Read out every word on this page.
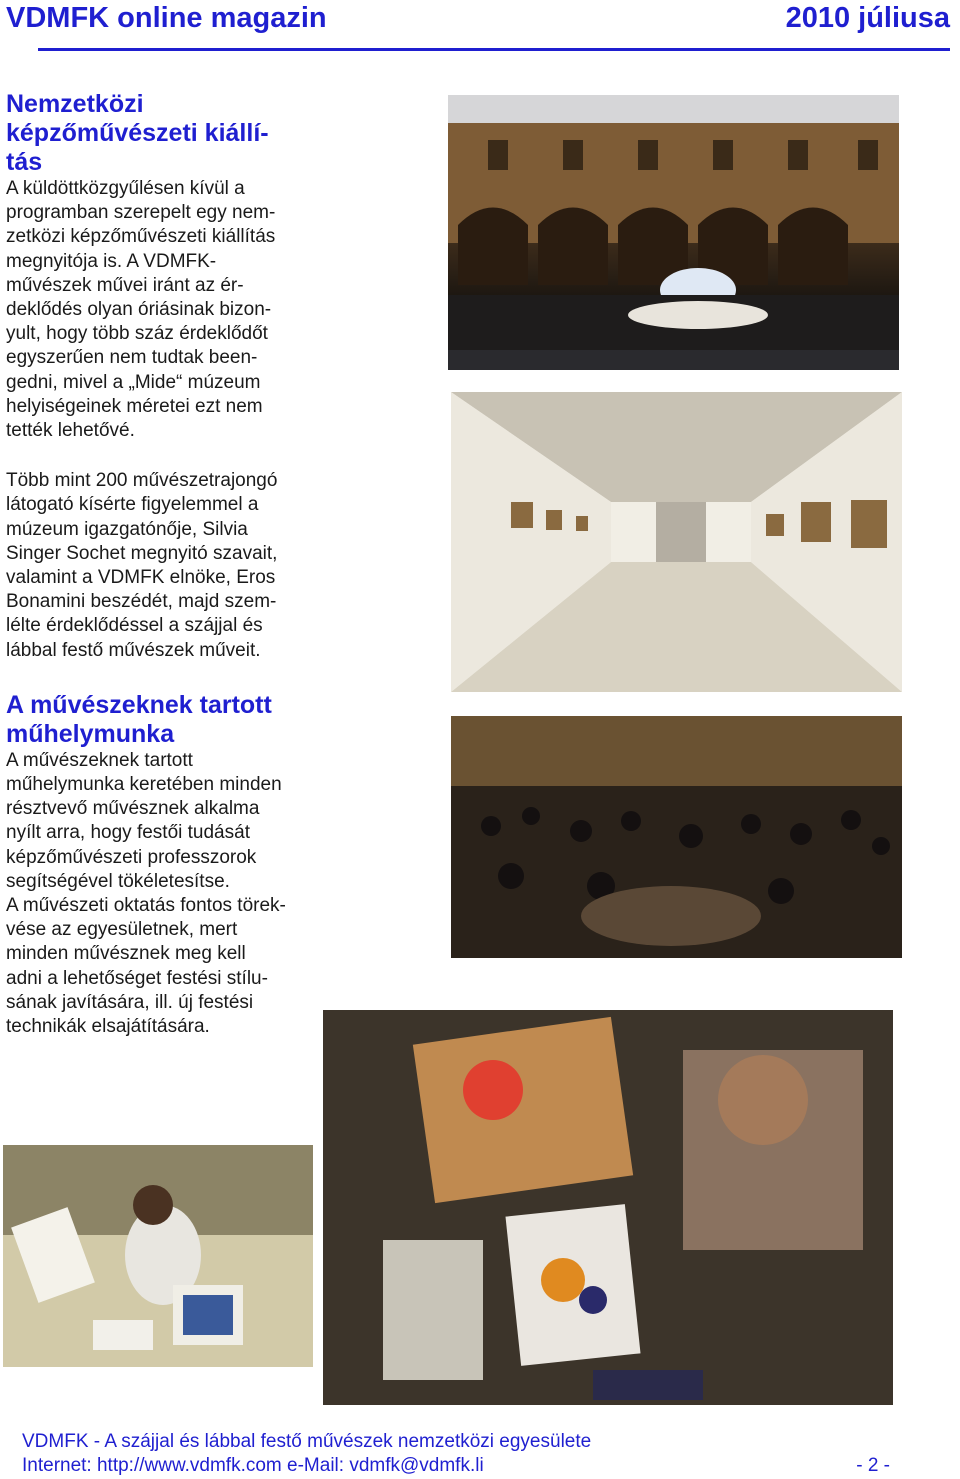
VDMFK online magazin	2010 júliusa
Nemzetközi
képzőművészeti kiállí-
tás

A küldöttközgyűlésen kívül a
programban szerepelt egy nem-
zetközi képzőművészeti kiállítás
megnyitója is. A VDMFK-
művészek művei iránt az ér-
deklődés olyan óriásinak bizon-
yult, hogy több száz érdeklődőt
egyszerűen nem tudtak been-
gedni, mivel a „Mide“ múzeum
helyiségeinek méretei ezt nem
tették lehetővé.

Több mint 200 művészetrajongó
látogató kísérte figyelemmel a
múzeum igazgatónője, Silvia
Singer Sochet megnyitó szavait,
valamint a VDMFK elnöke, Eros
Bonamini beszédét, majd szem-
lélte érdeklődéssel a szájjal és
lábbal festő művészek műveit.

A művészeknek tartott
műhelymunka

A művészeknek tartott
műhelymunka keretében minden
résztvevő művésznek alkalma
nyílt arra, hogy festői tudását
képzőművészeti professzorok
segítségével tökéletesítse.
A művészeti oktatás fontos törek-
vése az egyesületnek, mert
minden művésznek meg kell
adni a lehetőséget festési stílu-
sának javítására, ill. új festési
technikák elsajátítására.

VDMFK - A szájjal és lábbal festő művészek nemzetközi egyesülete
Internet: http://www.vdmfk.com e-Mail: vdmfk@vdmfk.li	- 2 -
